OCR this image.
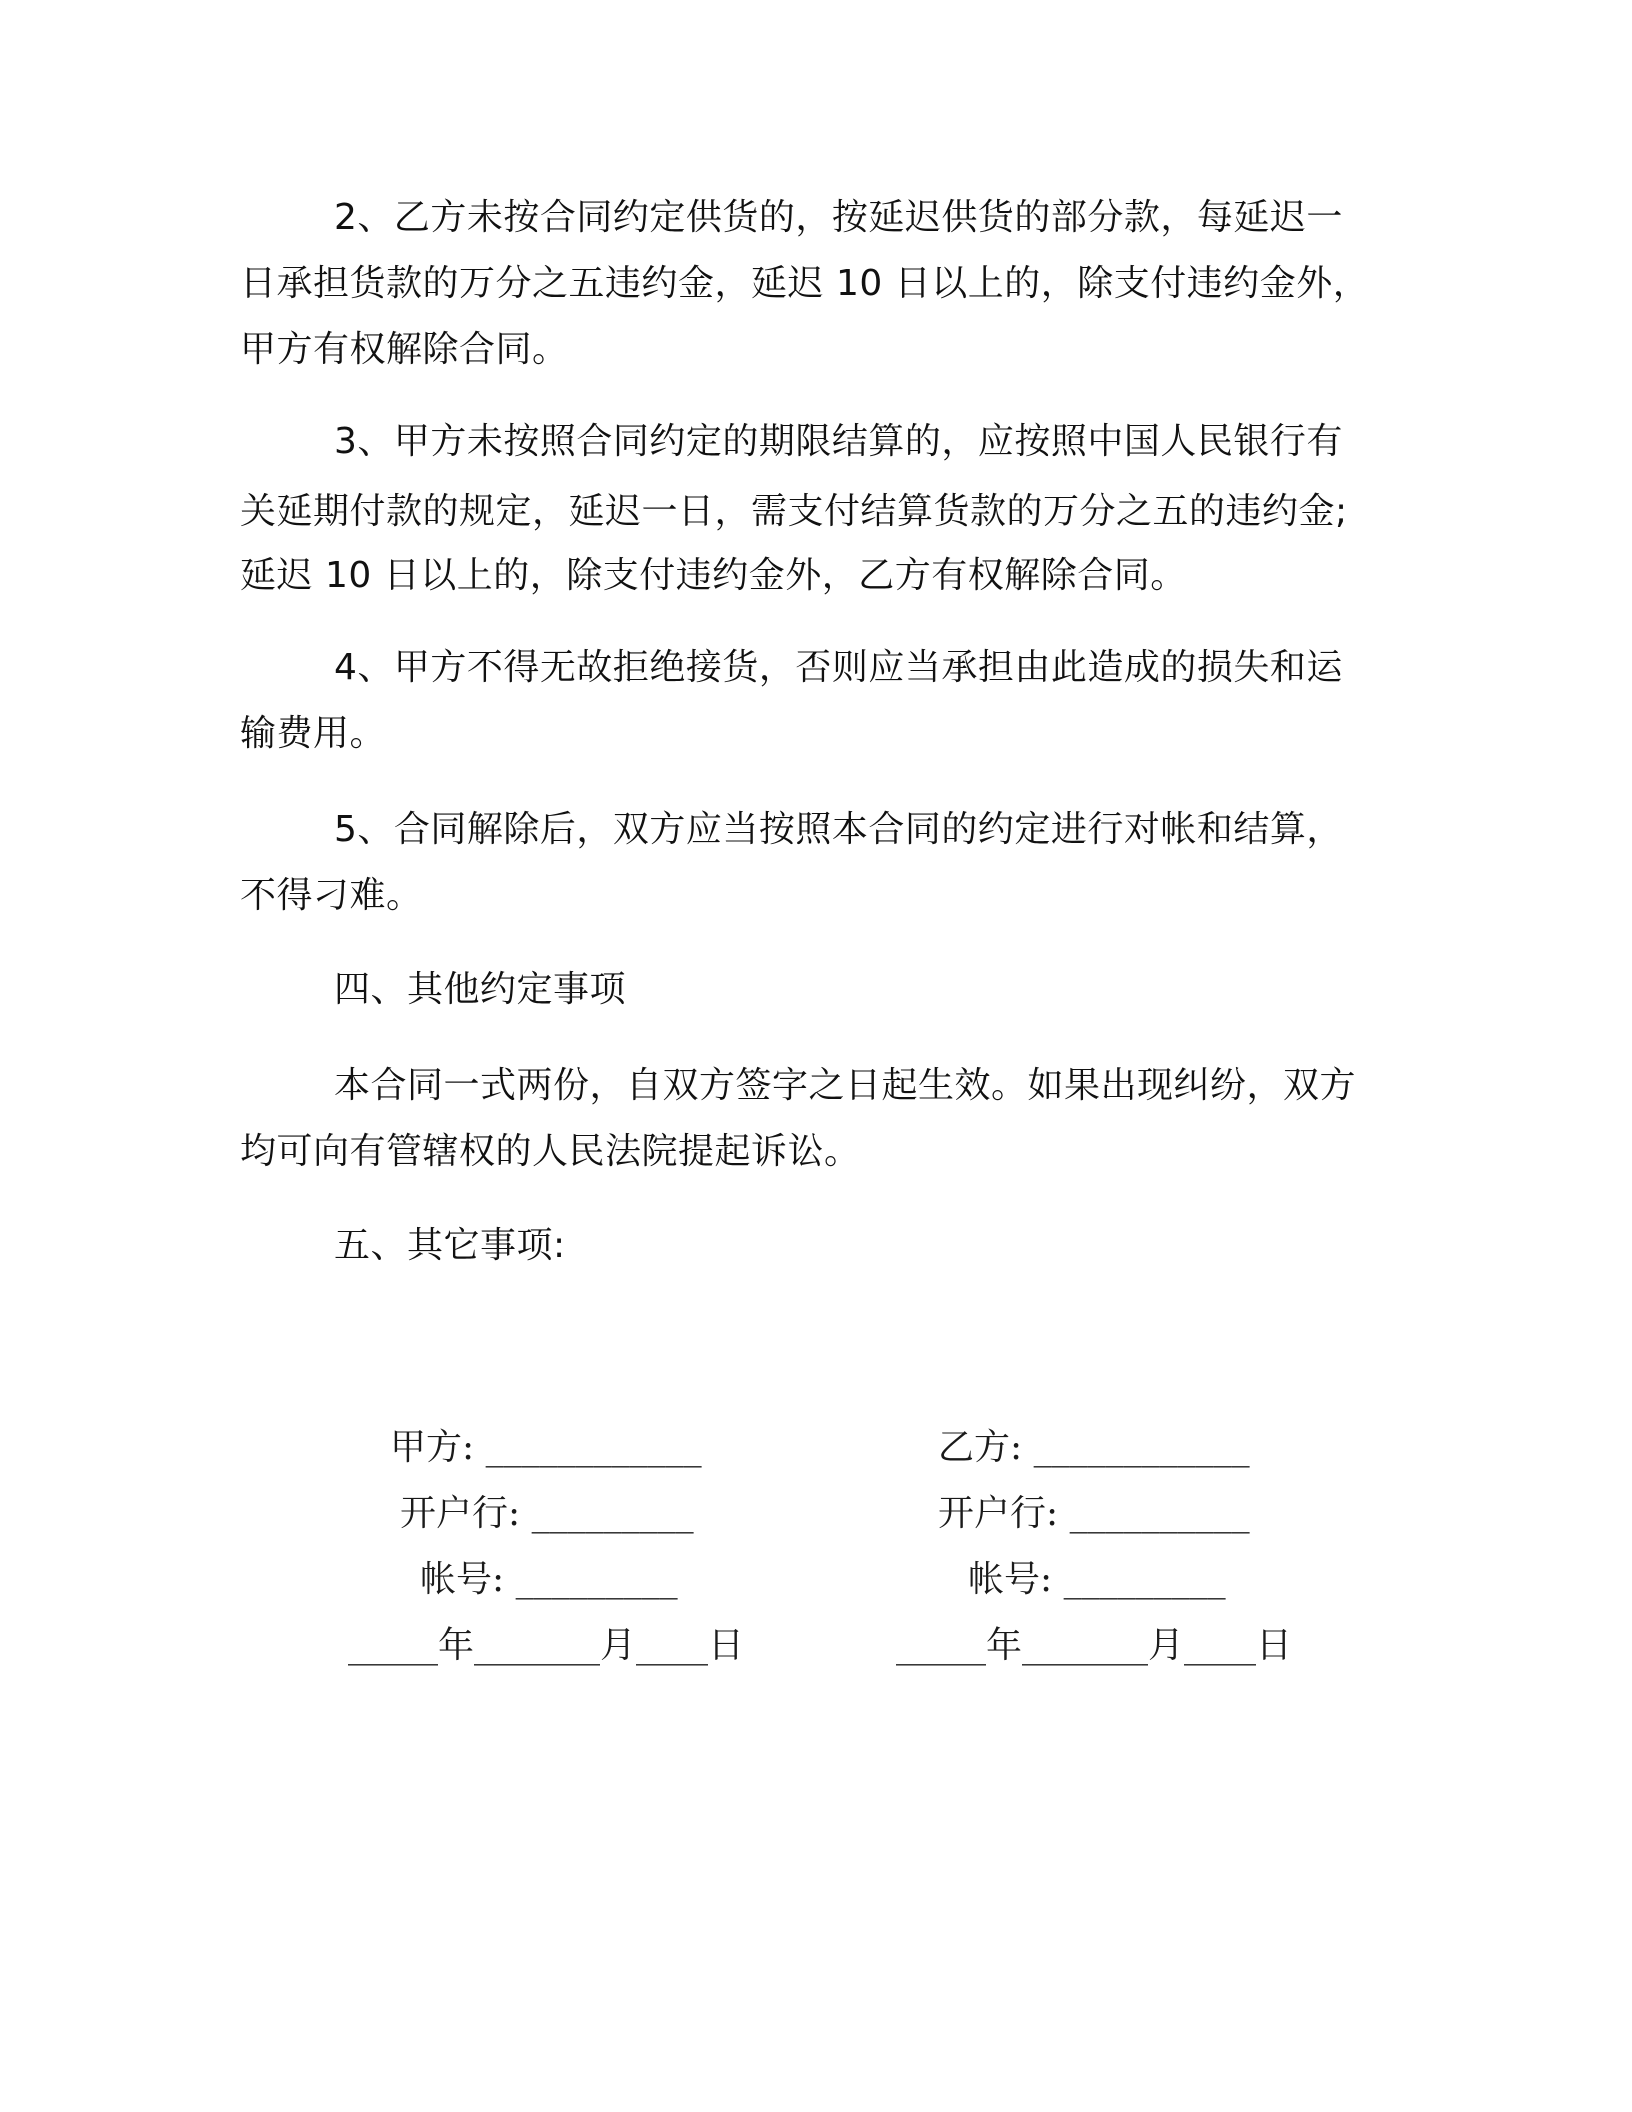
2、乙方未按合同约定供货的，按延迟供货的部分款，每延迟一
日承担货款的万分之五违约金，延迟 10 日以上的，除支付违约金外，
甲方有权解除合同。
3、甲方未按照合同约定的期限结算的，应按照中国人民银行有
关延期付款的规定，延迟一日，需支付结算货款的万分之五的违约金;
延迟 10 日以上的，除支付违约金外，乙方有权解除合同。
4、甲方不得无故拒绝接货，否则应当承担由此造成的损失和运
输费用。
5、合同解除后，双方应当按照本合同的约定进行对帐和结算，
不得刁难。
四、其他约定事项
本合同一式两份，自双方签字之日起生效。如果出现纠纷，双方
均可向有管辖权的人民法院提起诉讼。
五、其它事项:
甲方: ____________
开户行: _________
帐号: _________
_____年_______月____日
乙方: ____________
开户行: __________
帐号: _________
_____年_______月____日
